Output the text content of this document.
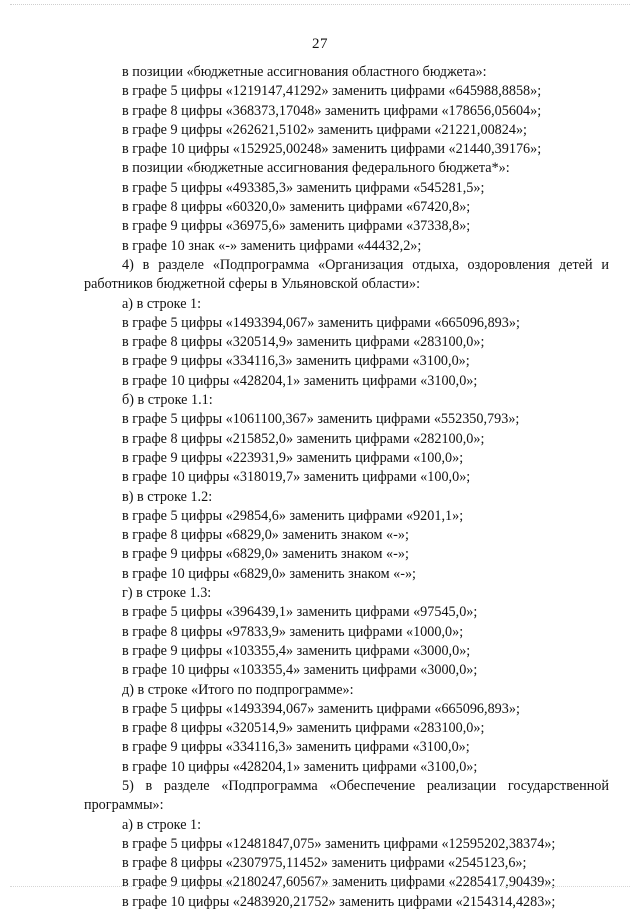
27
в позиции «бюджетные ассигнования областного бюджета»:
в графе 5 цифры «1219147,41292» заменить цифрами «645988,8858»;
в графе 8 цифры «368373,17048» заменить цифрами «178656,05604»;
в графе 9 цифры «262621,5102» заменить цифрами «21221,00824»;
в графе 10 цифры «152925,00248» заменить цифрами «21440,39176»;
в позиции «бюджетные ассигнования федерального бюджета*»:
в графе 5 цифры «493385,3» заменить цифрами «545281,5»;
в графе 8 цифры «60320,0» заменить цифрами «67420,8»;
в графе 9 цифры «36975,6» заменить цифрами «37338,8»;
в графе 10 знак «-» заменить цифрами «44432,2»;
4) в разделе «Подпрограмма «Организация отдыха, оздоровления детей и работников бюджетной сферы в Ульяновской области»:
а) в строке 1:
в графе 5 цифры «1493394,067» заменить цифрами «665096,893»;
в графе 8 цифры «320514,9» заменить цифрами «283100,0»;
в графе 9 цифры «334116,3» заменить цифрами «3100,0»;
в графе 10 цифры «428204,1» заменить цифрами «3100,0»;
б) в строке 1.1:
в графе 5 цифры «1061100,367» заменить цифрами «552350,793»;
в графе 8 цифры «215852,0» заменить цифрами «282100,0»;
в графе 9 цифры «223931,9» заменить цифрами «100,0»;
в графе 10 цифры «318019,7» заменить цифрами «100,0»;
в) в строке 1.2:
в графе 5 цифры «29854,6» заменить цифрами «9201,1»;
в графе 8 цифры «6829,0» заменить знаком «-»;
в графе 9 цифры «6829,0» заменить знаком «-»;
в графе 10 цифры «6829,0» заменить знаком «-»;
г) в строке 1.3:
в графе 5 цифры «396439,1» заменить цифрами «97545,0»;
в графе 8 цифры «97833,9» заменить цифрами «1000,0»;
в графе 9 цифры «103355,4» заменить цифрами «3000,0»;
в графе 10 цифры «103355,4» заменить цифрами «3000,0»;
д) в строке «Итого по подпрограмме»:
в графе 5 цифры «1493394,067» заменить цифрами «665096,893»;
в графе 8 цифры «320514,9» заменить цифрами «283100,0»;
в графе 9 цифры «334116,3» заменить цифрами «3100,0»;
в графе 10 цифры «428204,1» заменить цифрами «3100,0»;
5) в разделе «Подпрограмма «Обеспечение реализации государственной программы»:
а) в строке 1:
в графе 5 цифры «12481847,075» заменить цифрами «12595202,38374»;
в графе 8 цифры «2307975,11452» заменить цифрами «2545123,6»;
в графе 9 цифры «2180247,60567» заменить цифрами «2285417,90439»;
в графе 10 цифры «2483920,21752» заменить цифрами «2154314,4283»;
